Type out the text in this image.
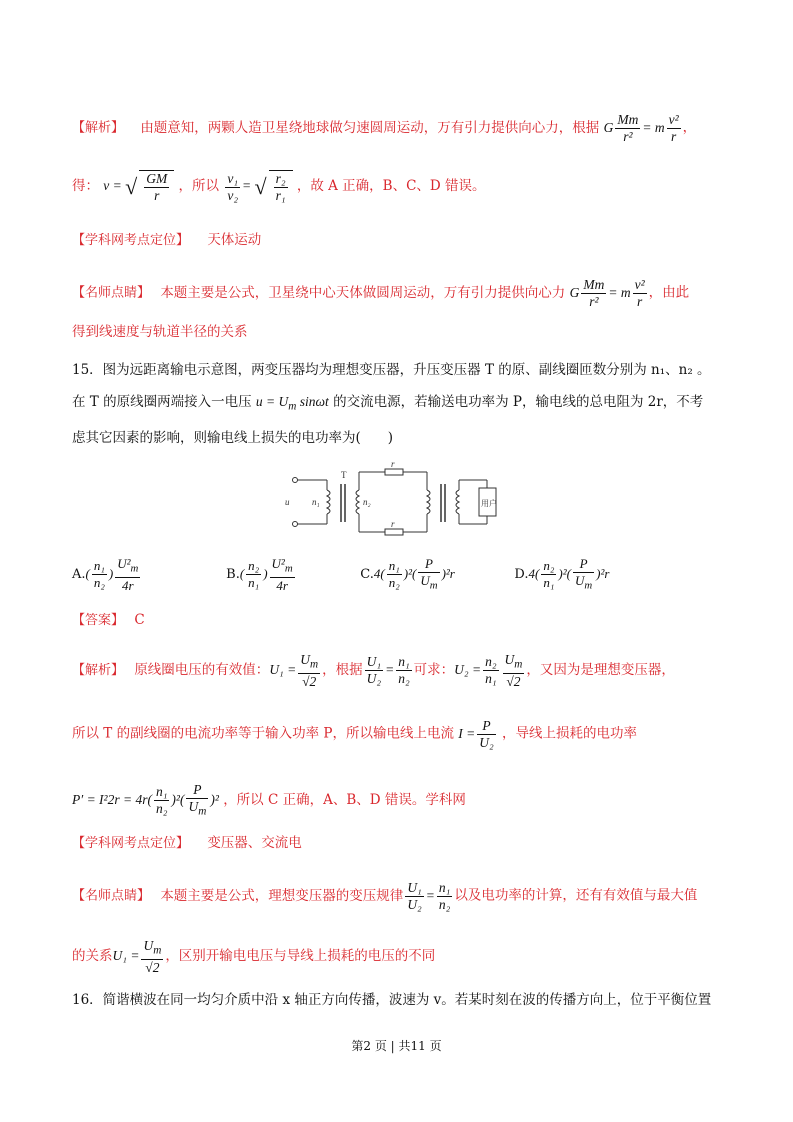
【解析】 由题意知，两颗人造卫星绕地球做匀速圆周运动，万有引力提供向心力，根据 G $\frac{Mm}{\text{r²}} = m \frac{\text{v²}}{r}$ ，
得： v = √ $\frac{GM}{r}$ ，所以 $\frac{\text{v₁}}{\text{v₂}}$ = √ $\frac{\text{r₂}}{\text{r₁}}$ ，故 A 正确，B、C、D 错误。
【学科网考点定位】 天体运动
【名师点睛】 本题主要是公式，卫星绕中心天体做圆周运动，万有引力提供向心力 G $\frac{Mm}{\text{r²}} = m \frac{\text{v²}}{r}$ ，由此
得到线速度与轨道半径的关系
15．图为远距离输电示意图，两变压器均为理想变压器，升压变压器 T 的原、副线圈匝数分别为 n₁、n₂ 。
在 T 的原线圈两端接入一电压 $u = U_m$ sinωt 的交流电源，若输送电功率为 P，输电线的总电阻为 2r，不考
虑其它因素的影响，则输电线上损失的电功率为(　　)
T
u	n₁	n₂
r
r
用户
$A.( \frac{\text{n₁}}{\text{n₂}}$ ) $\frac{U^2_m}{4r}$	$B.( \frac{\text{n₂}}{\text{n₁}}$ ) $\frac{U^2_m}{4r}$	$C.4( \frac{\text{n₁}}{\text{n₂}} )^2( \frac{P}{U_m} )^2r$	$D.4( \frac{\text{n₂}}{\text{n₁}} )^2( \frac{P}{U_m} )^2r$
【答案】 C
【解析】 原线圈电压的有效值：$U_1 = \frac{U_m}{√2}$ ，根据 $\frac{\text{U₁}}{\text{U₂}} = \frac{\text{n₁}}{\text{n₂}}$ 可求：$U_2 = \frac{\text{n₂}}{\text{n₁}} \frac{U_m}{√2}$ ，又因为是理想变压器，
所以 T 的副线圈的电流功率等于输入功率 P，所以输电线上电流 $I = \frac{P}{\text{U₂}}$ ，导线上损耗的电功率
$P' = I^22r = 4r( \frac{\text{n₁}}{\text{n₂}} )^2( \frac{P}{U_m} )^2$ ，所以 C 正确，A、B、D 错误。学科网
【学科网考点定位】 变压器、交流电
【名师点睛】 本题主要是公式，理想变压器的变压规律 $\frac{\text{U₁}}{\text{U₂}} = \frac{\text{n₁}}{\text{n₂}}$ 以及电功率的计算，还有有效值与最大值
的关系$U_1 = \frac{U_m}{√2}$ ，区别开输电电压与导线上损耗的电压的不同
16．简谐横波在同一均匀介质中沿 x 轴正方向传播，波速为 v。若某时刻在波的传播方向上，位于平衡位置
第2 页 | 共11 页
